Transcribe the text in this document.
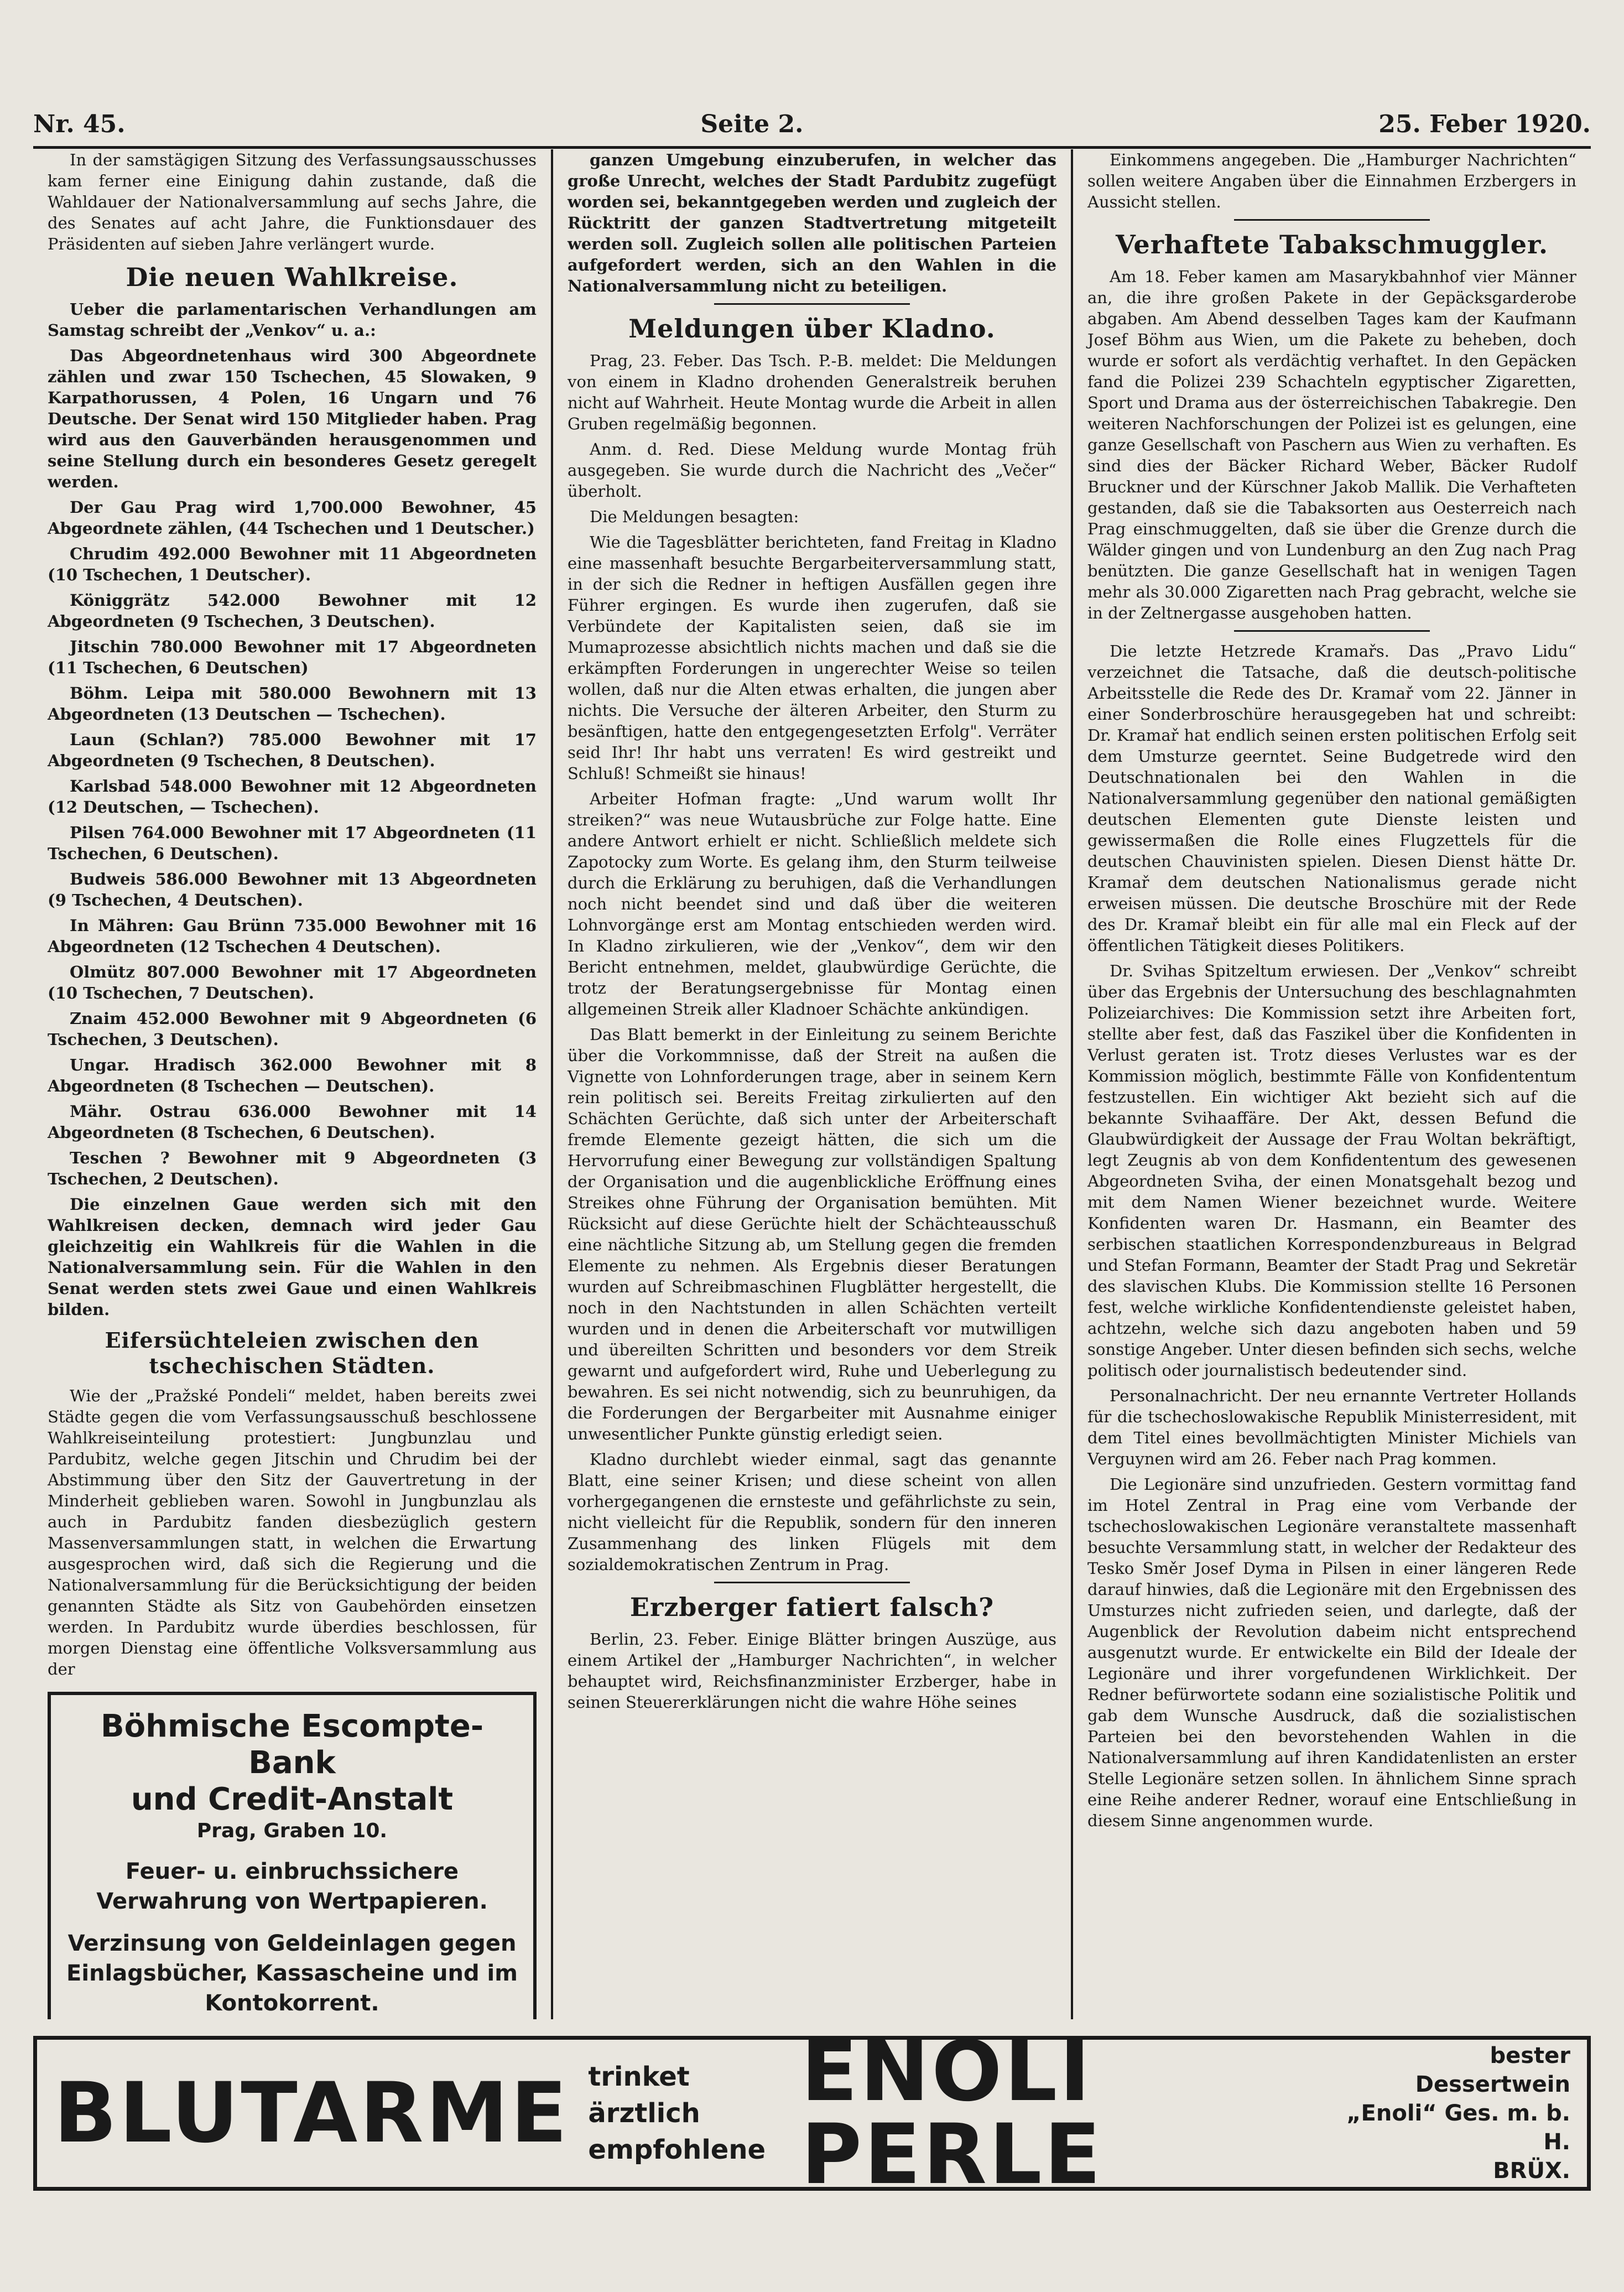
Nr. 45.	Seite 2.	25. Feber 1920.

In der samstägigen Sitzung des Verfassungsausschusses kam ferner eine Einigung dahin zustande, daß die Wahldauer der Nationalversammlung auf sechs Jahre, die des Senates auf acht Jahre, die Funktionsdauer des Präsidenten auf sieben Jahre verlängert wurde.

Die neuen Wahlkreise.

Ueber die parlamentarischen Verhandlungen am Samstag schreibt der „Venkov“ u. a.:

Das Abgeordnetenhaus wird 300 Abgeordnete zählen und zwar 150 Tschechen, 45 Slowaken, 9 Karpathorussen, 4 Polen, 16 Ungarn und 76 Deutsche. Der Senat wird 150 Mitglieder haben. Prag wird aus den Gauverbänden herausgenommen und seine Stellung durch ein besonderes Gesetz geregelt werden.

Der Gau Prag wird 1,700.000 Bewohner, 45 Abgeordnete zählen, (44 Tschechen und 1 Deutscher.)

Chrudim 492.000 Bewohner mit 11 Abgeordneten (10 Tschechen, 1 Deutscher).

Königgrätz 542.000 Bewohner mit 12 Abgeordneten (9 Tschechen, 3 Deutschen).

Jitschin 780.000 Bewohner mit 17 Abgeordneten (11 Tschechen, 6 Deutschen)

Böhm. Leipa mit 580.000 Bewohnern mit 13 Abgeordneten (13 Deutschen — Tschechen).

Laun (Schlan?) 785.000 Bewohner mit 17 Abgeordneten (9 Tschechen, 8 Deutschen).

Karlsbad 548.000 Bewohner mit 12 Abgeordneten (12 Deutschen, — Tschechen).

Pilsen 764.000 Bewohner mit 17 Abgeordneten (11 Tschechen, 6 Deutschen).

Budweis 586.000 Bewohner mit 13 Abgeordneten (9 Tschechen, 4 Deutschen).

In Mähren: Gau Brünn 735.000 Bewohner mit 16 Abgeordneten (12 Tschechen 4 Deutschen).

Olmütz 807.000 Bewohner mit 17 Abgeordneten (10 Tschechen, 7 Deutschen).

Znaim 452.000 Bewohner mit 9 Abgeordneten (6 Tschechen, 3 Deutschen).

Ungar. Hradisch 362.000 Bewohner mit 8 Abgeordneten (8 Tschechen — Deutschen).

Mähr. Ostrau 636.000 Bewohner mit 14 Abgeordneten (8 Tschechen, 6 Deutschen).

Teschen ? Bewohner mit 9 Abgeordneten (3 Tschechen, 2 Deutschen).

Die einzelnen Gaue werden sich mit den Wahlkreisen decken, demnach wird jeder Gau gleichzeitig ein Wahlkreis für die Wahlen in die Nationalversammlung sein. Für die Wahlen in den Senat werden stets zwei Gaue und einen Wahlkreis bilden.

Eifersüchteleien zwischen den tschechischen Städten.

Wie der „Pražské Pondeli“ meldet, haben bereits zwei Städte gegen die vom Verfassungsausschuß beschlossene Wahlkreiseinteilung protestiert: Jungbunzlau und Pardubitz, welche gegen Jitschin und Chrudim bei der Abstimmung über den Sitz der Gauvertretung in der Minderheit geblieben waren. Sowohl in Jungbunzlau als auch in Pardubitz fanden diesbezüglich gestern Massenversammlungen statt, in welchen die Erwartung ausgesprochen wird, daß sich die Regierung und die Nationalversammlung für die Berücksichtigung der beiden genannten Städte als Sitz von Gaubehörden einsetzen werden. In Pardubitz wurde überdies beschlossen, für morgen Dienstag eine öffentliche Volksversammlung aus der

Böhmische Escompte-Bank
und Credit-Anstalt
Prag, Graben 10.
Feuer- u. einbruchssichere Verwahrung von Wertpapieren.
Verzinsung von Geldeinlagen gegen Einlagsbücher, Kassascheine und im Kontokorrent.

ganzen Umgebung einzuberufen, in welcher das große Unrecht, welches der Stadt Pardubitz zugefügt worden sei, bekanntgegeben werden und zugleich der Rücktritt der ganzen Stadtvertretung mitgeteilt werden soll. Zugleich sollen alle politischen Parteien aufgefordert werden, sich an den Wahlen in die Nationalversammlung nicht zu beteiligen.

Meldungen über Kladno.

Prag, 23. Feber. Das Tsch. P.-B. meldet: Die Meldungen von einem in Kladno drohenden Generalstreik beruhen nicht auf Wahrheit. Heute Montag wurde die Arbeit in allen Gruben regelmäßig begonnen.

Anm. d. Red. Diese Meldung wurde Montag früh ausgegeben. Sie wurde durch die Nachricht des „Večer“ überholt.

Die Meldungen besagten:

Wie die Tagesblätter berichteten, fand Freitag in Kladno eine massenhaft besuchte Bergarbeiterversammlung statt, in der sich die Redner in heftigen Ausfällen gegen ihre Führer ergingen. Es wurde ihen zugerufen, daß sie Verbündete der Kapitalisten seien, daß sie im Mumaprozesse absichtlich nichts machen und daß sie die erkämpften Forderungen in ungerechter Weise so teilen wollen, daß nur die Alten etwas erhalten, die jungen aber nichts. Die Versuche der älteren Arbeiter, den Sturm zu besänftigen, hatte den entgegengesetzten Erfolg". Verräter seid Ihr! Ihr habt uns verraten! Es wird gestreikt und Schluß! Schmeißt sie hinaus!

Arbeiter Hofman fragte: „Und warum wollt Ihr streiken?“ was neue Wutausbrüche zur Folge hatte. Eine andere Antwort erhielt er nicht. Schließlich meldete sich Zapotocky zum Worte. Es gelang ihm, den Sturm teilweise durch die Erklärung zu beruhigen, daß die Verhandlungen noch nicht beendet sind und daß über die weiteren Lohnvorgänge erst am Montag entschieden werden wird. In Kladno zirkulieren, wie der „Venkov“, dem wir den Bericht entnehmen, meldet, glaubwürdige Gerüchte, die trotz der Beratungsergebnisse für Montag einen allgemeinen Streik aller Kladnoer Schächte ankündigen.

Das Blatt bemerkt in der Einleitung zu seinem Berichte über die Vorkommnisse, daß der Streit na außen die Vignette von Lohnforderungen trage, aber in seinem Kern rein politisch sei. Bereits Freitag zirkulierten auf den Schächten Gerüchte, daß sich unter der Arbeiterschaft fremde Elemente gezeigt hätten, die sich um die Hervorrufung einer Bewegung zur vollständigen Spaltung der Organisation und die augenblickliche Eröffnung eines Streikes ohne Führung der Organisation bemühten. Mit Rücksicht auf diese Gerüchte hielt der Schächteausschuß eine nächtliche Sitzung ab, um Stellung gegen die fremden Elemente zu nehmen. Als Ergebnis dieser Beratungen wurden auf Schreibmaschinen Flugblätter hergestellt, die noch in den Nachtstunden in allen Schächten verteilt wurden und in denen die Arbeiterschaft vor mutwilligen und übereilten Schritten und besonders vor dem Streik gewarnt und aufgefordert wird, Ruhe und Ueberlegung zu bewahren. Es sei nicht notwendig, sich zu beunruhigen, da die Forderungen der Bergarbeiter mit Ausnahme einiger unwesentlicher Punkte günstig erledigt seien.

Kladno durchlebt wieder einmal, sagt das genannte Blatt, eine seiner Krisen; und diese scheint von allen vorhergegangenen die ernsteste und gefährlichste zu sein, nicht vielleicht für die Republik, sondern für den inneren Zusammenhang des linken Flügels mit dem sozialdemokratischen Zentrum in Prag.

Erzberger fatiert falsch?

Berlin, 23. Feber. Einige Blätter bringen Auszüge, aus einem Artikel der „Hamburger Nachrichten“, in welcher behauptet wird, Reichsfinanzminister Erzberger, habe in seinen Steuererklärungen nicht die wahre Höhe seines

Einkommens angegeben. Die „Hamburger Nachrichten“ sollen weitere Angaben über die Einnahmen Erzbergers in Aussicht stellen.

Verhaftete Tabakschmuggler.

Am 18. Feber kamen am Masarykbahnhof vier Männer an, die ihre großen Pakete in der Gepäcksgarderobe abgaben. Am Abend desselben Tages kam der Kaufmann Josef Böhm aus Wien, um die Pakete zu beheben, doch wurde er sofort als verdächtig verhaftet. In den Gepäcken fand die Polizei 239 Schachteln egyptischer Zigaretten, Sport und Drama aus der österreichischen Tabakregie. Den weiteren Nachforschungen der Polizei ist es gelungen, eine ganze Gesellschaft von Paschern aus Wien zu verhaften. Es sind dies der Bäcker Richard Weber, Bäcker Rudolf Bruckner und der Kürschner Jakob Mallik. Die Verhafteten gestanden, daß sie die Tabaksorten aus Oesterreich nach Prag einschmuggelten, daß sie über die Grenze durch die Wälder gingen und von Lundenburg an den Zug nach Prag benützten. Die ganze Gesellschaft hat in wenigen Tagen mehr als 30.000 Zigaretten nach Prag gebracht, welche sie in der Zeltnergasse ausgehoben hatten.

Die letzte Hetzrede Kramařs. Das „Pravo Lidu“ verzeichnet die Tatsache, daß die deutsch-politische Arbeitsstelle die Rede des Dr. Kramař vom 22. Jänner in einer Sonderbroschüre herausgegeben hat und schreibt: Dr. Kramař hat endlich seinen ersten politischen Erfolg seit dem Umsturze geerntet. Seine Budgetrede wird den Deutschnationalen bei den Wahlen in die Nationalversammlung gegenüber den national gemäßigten deutschen Elementen gute Dienste leisten und gewissermaßen die Rolle eines Flugzettels für die deutschen Chauvinisten spielen. Diesen Dienst hätte Dr. Kramař dem deutschen Nationalismus gerade nicht erweisen müssen. Die deutsche Broschüre mit der Rede des Dr. Kramař bleibt ein für alle mal ein Fleck auf der öffentlichen Tätigkeit dieses Politikers.

Dr. Svihas Spitzeltum erwiesen. Der „Venkov“ schreibt über das Ergebnis der Untersuchung des beschlagnahmten Polizeiarchives: Die Kommission setzt ihre Arbeiten fort, stellte aber fest, daß das Faszikel über die Konfidenten in Verlust geraten ist. Trotz dieses Verlustes war es der Kommission möglich, bestimmte Fälle von Konfidententum festzustellen. Ein wichtiger Akt bezieht sich auf die bekannte Svihaaffäre. Der Akt, dessen Befund die Glaubwürdigkeit der Aussage der Frau Woltan bekräftigt, legt Zeugnis ab von dem Konfidententum des gewesenen Abgeordneten Sviha, der einen Monatsgehalt bezog und mit dem Namen Wiener bezeichnet wurde. Weitere Konfidenten waren Dr. Hasmann, ein Beamter des serbischen staatlichen Korrespondenzbureaus in Belgrad und Stefan Formann, Beamter der Stadt Prag und Sekretär des slavischen Klubs. Die Kommission stellte 16 Personen fest, welche wirkliche Konfidentendienste geleistet haben, achtzehn, welche sich dazu angeboten haben und 59 sonstige Angeber. Unter diesen befinden sich sechs, welche politisch oder journalistisch bedeutender sind.

Personalnachricht. Der neu ernannte Vertreter Hollands für die tschechoslowakische Republik Ministerresident, mit dem Titel eines bevollmächtigten Minister Michiels van Verguynen wird am 26. Feber nach Prag kommen.

Die Legionäre sind unzufrieden. Gestern vormittag fand im Hotel Zentral in Prag eine vom Verbande der tschechoslowakischen Legionäre veranstaltete massenhaft besuchte Versammlung statt, in welcher der Redakteur des Tesko Směr Josef Dyma in Pilsen in einer längeren Rede darauf hinwies, daß die Legionäre mit den Ergebnissen des Umsturzes nicht zufrieden seien, und darlegte, daß der Augenblick der Revolution dabeim nicht entsprechend ausgenutzt wurde. Er entwickelte ein Bild der Ideale der Legionäre und ihrer vorgefundenen Wirklichkeit. Der Redner befürwortete sodann eine sozialistische Politik und gab dem Wunsche Ausdruck, daß die sozialistischen Parteien bei den bevorstehenden Wahlen in die Nationalversammlung auf ihren Kandidatenlisten an erster Stelle Legionäre setzen sollen. In ähnlichem Sinne sprach eine Reihe anderer Redner, worauf eine Entschließung in diesem Sinne angenommen wurde.

BLUTARME trinket ärztlich
empfohlene
ENOLI PERLE
bester Dessertwein
„Enoli“ Ges. m. b. H.
BRÜX.
